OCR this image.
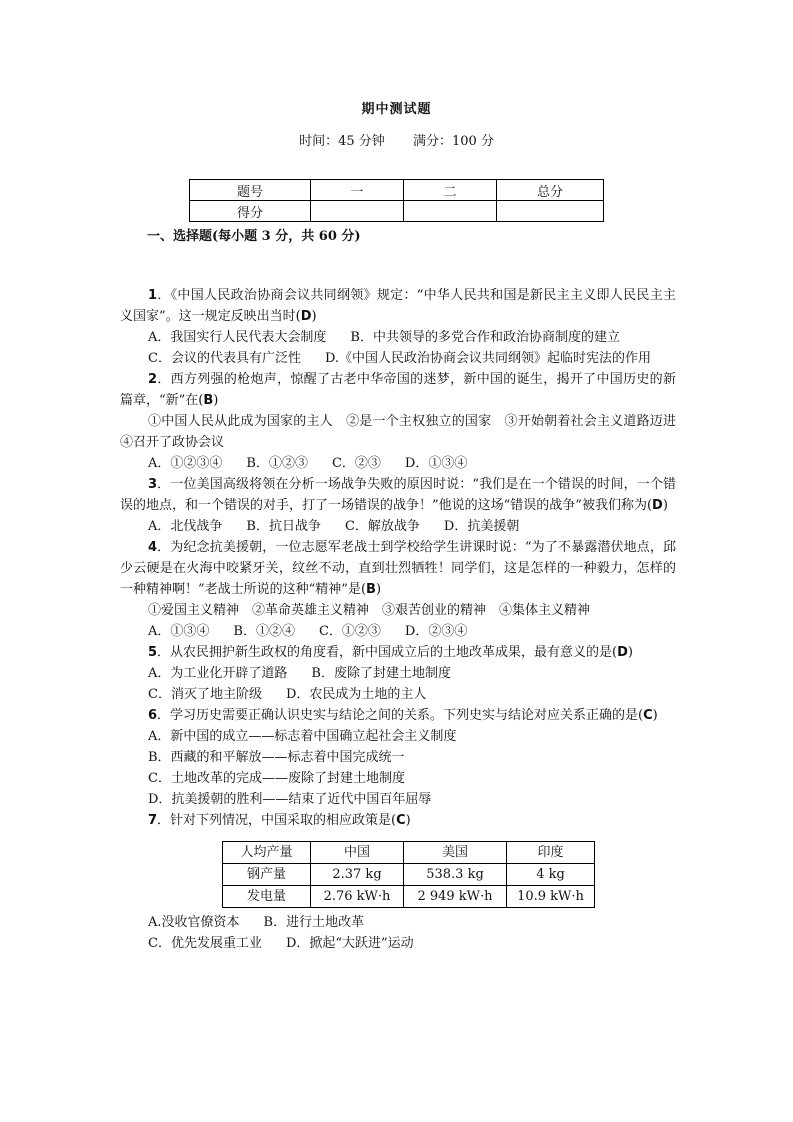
期中测试题
时间：45 分钟 满分：100 分
题号	一	二	总分
得分			
一、选择题(每小题 3 分，共 60 分)

1．《中国人民政治协商会议共同纲领》规定：“中华人民共和国是新民主主义即人民民主主义国家”。这一规定反映出当时(D)

A．我国实行人民代表大会制度 B．中共领导的多党合作和政治协商制度的建立

C．会议的代表具有广泛性 D.《中国人民政治协商会议共同纲领》起临时宪法的作用

2．西方列强的枪炮声，惊醒了古老中华帝国的迷梦，新中国的诞生，揭开了中国历史的新篇章，“新”在(B)

①中国人民从此成为国家的主人　②是一个主权独立的国家　③开始朝着社会主义道路迈进　④召开了政协会议

A．①②③④ B．①②③ C．②③ D．①③④

3．一位美国高级将领在分析一场战争失败的原因时说：“我们是在一个错误的时间，一个错误的地点，和一个错误的对手，打了一场错误的战争！”他说的这场“错误的战争”被我们称为(D)

A．北伐战争 B．抗日战争 C．解放战争 D．抗美援朝

4．为纪念抗美援朝，一位志愿军老战士到学校给学生讲课时说：“为了不暴露潜伏地点，邱少云硬是在火海中咬紧牙关，纹丝不动，直到壮烈牺牲！同学们，这是怎样的一种毅力，怎样的一种精神啊！”老战士所说的这种“精神”是(B)

①爱国主义精神　②革命英雄主义精神　③艰苦创业的精神　④集体主义精神

A．①③④ B．①②④ C．①②③ D．②③④

5．从农民拥护新生政权的角度看，新中国成立后的土地改革成果，最有意义的是(D)

A．为工业化开辟了道路 B．废除了封建土地制度

C．消灭了地主阶级 D．农民成为土地的主人

6．学习历史需要正确认识史实与结论之间的关系。下列史实与结论对应关系正确的是(C)

A．新中国的成立——标志着中国确立起社会主义制度

B．西藏的和平解放——标志着中国完成统一

C．土地改革的完成——废除了封建土地制度

D．抗美援朝的胜利——结束了近代中国百年屈辱

7．针对下列情况，中国采取的相应政策是(C)

人均产量	中国	美国	印度
钢产量	2.37 kg	538.3 kg	4 kg
发电量	2.76 kW·h	2 949 kW·h	10.9 kW·h

A.没收官僚资本 B．进行土地改革

C．优先发展重工业 D．掀起“大跃进”运动
